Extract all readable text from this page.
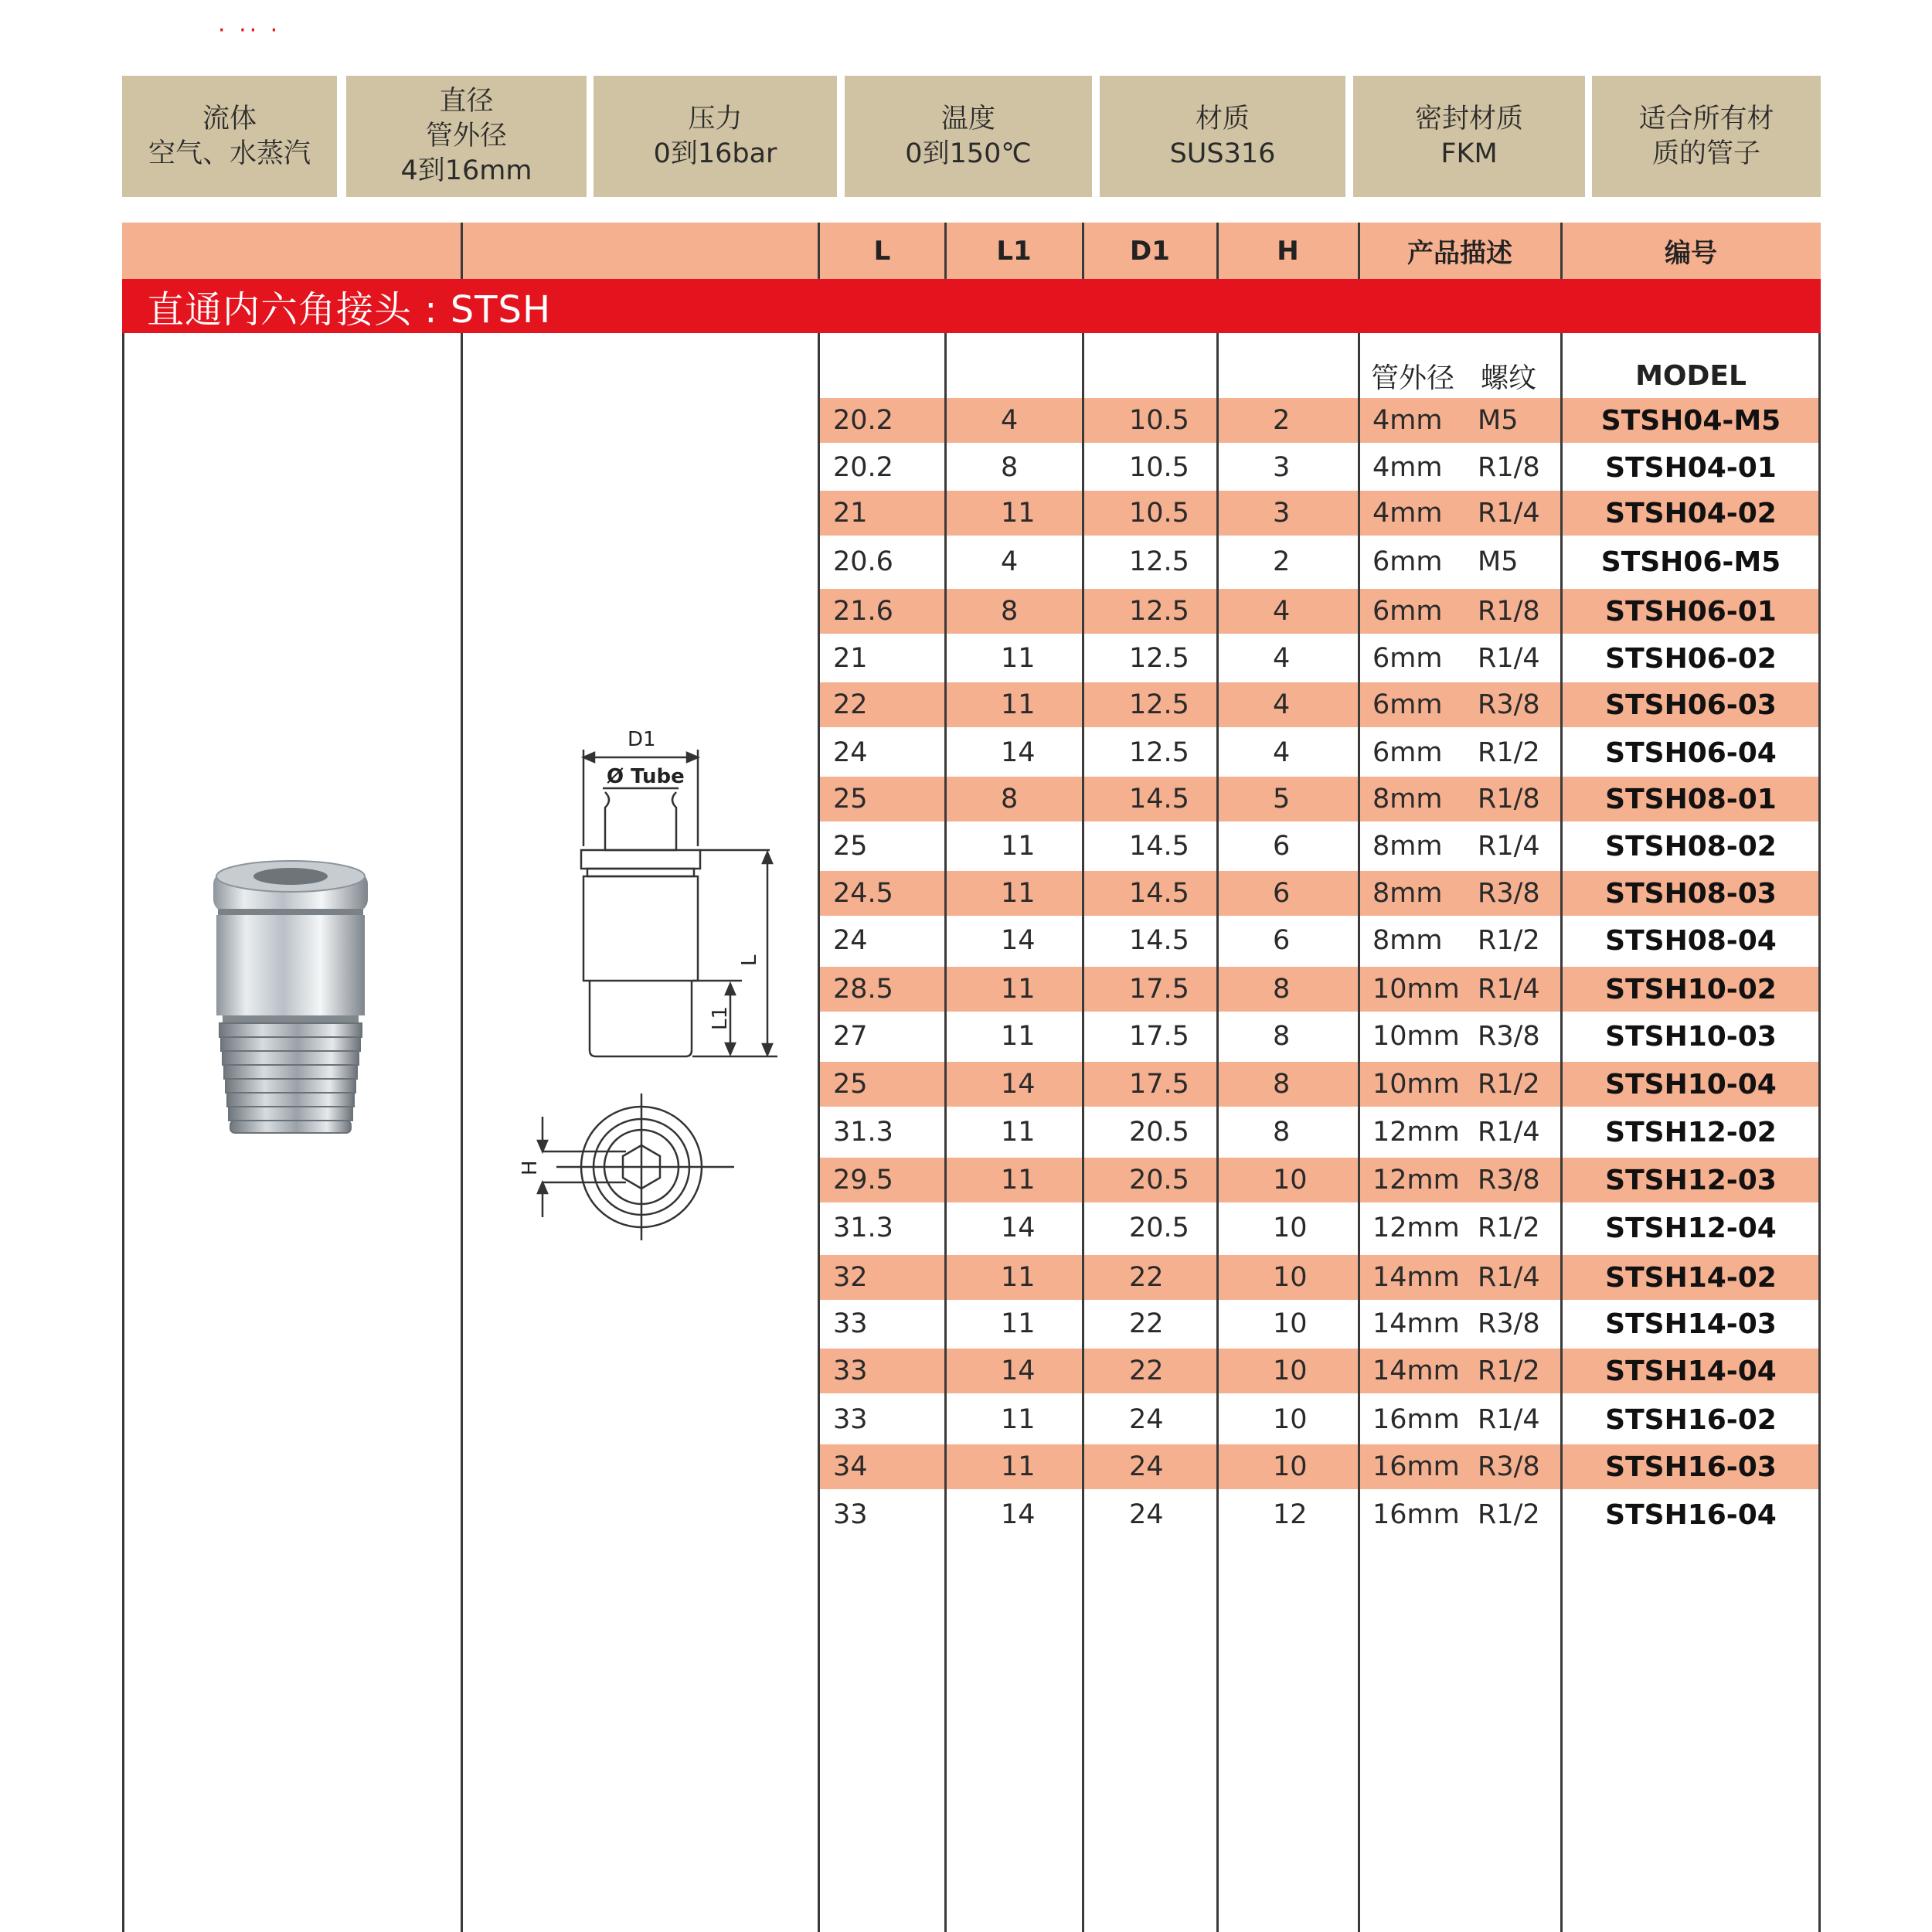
· ·· ·
流体
空气、水蒸汽
直径
管外径
4到16mm
压力
0到16bar
温度
0到150℃
材质
SUS316
密封材质
FKM
适合所有材
质的管子
L	L1	D1	H	产品描述	编号
直通内六角接头 : STSH
管外径 螺纹	MODEL
20.2	4	10.5	2	4mm	M5	STSH04-M5
20.2	8	10.5	3	4mm	R1/8	STSH04-01
21	11	10.5	3	4mm	R1/4	STSH04-02
20.6	4	12.5	2	6mm	M5	STSH06-M5
21.6	8	12.5	4	6mm	R1/8	STSH06-01
21	11	12.5	4	6mm	R1/4	STSH06-02
22	11	12.5	4	6mm	R3/8	STSH06-03
24	14	12.5	4	6mm	R1/2	STSH06-04
25	8	14.5	5	8mm	R1/8	STSH08-01
25	11	14.5	6	8mm	R1/4	STSH08-02
24.5	11	14.5	6	8mm	R3/8	STSH08-03
24	14	14.5	6	8mm	R1/2	STSH08-04
28.5	11	17.5	8	10mm R1/4	STSH10-02
27	11	17.5	8	10mm R3/8	STSH10-03
25	14	17.5	8	10mm R1/2	STSH10-04
31.3	11	20.5	8	12mm R1/4	STSH12-02
29.5	11	20.5	10	12mm R3/8	STSH12-03
31.3	14	20.5	10	12mm R1/2	STSH12-04
32	11	22	10	14mm R1/4	STSH14-02
33	11	22	10	14mm R3/8	STSH14-03
33	14	22	10	14mm R1/2	STSH14-04
33	11	24	10	16mm R1/4	STSH16-02
34	11	24	10	16mm R3/8	STSH16-03
33	14	24	12	16mm R1/2	STSH16-04
D1
Ø Tube
L
L1
H
